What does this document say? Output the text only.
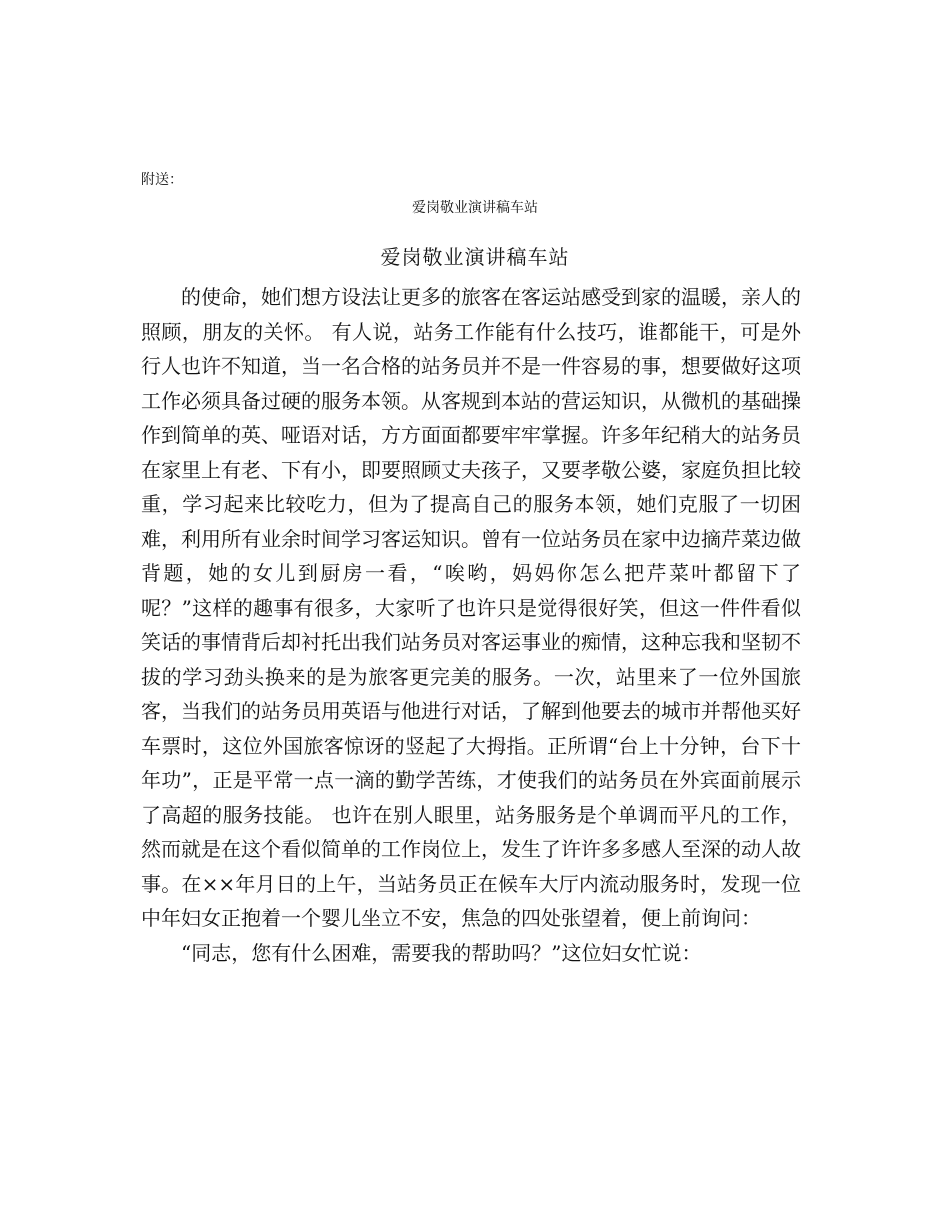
附送：
爱岗敬业演讲稿车站
爱岗敬业演讲稿车站

的使命，她们想方设法让更多的旅客在客运站感受到家的温暖，亲人的照顾，朋友的关怀。 有人说，站务工作能有什么技巧，谁都能干，可是外行人也许不知道，当一名合格的站务员并不是一件容易的事，想要做好这项工作必须具备过硬的服务本领。从客规到本站的营运知识，从微机的基础操作到简单的英、哑语对话，方方面面都要牢牢掌握。许多年纪稍大的站务员在家里上有老、下有小，即要照顾丈夫孩子，又要孝敬公婆，家庭负担比较重，学习起来比较吃力，但为了提高自己的服务本领，她们克服了一切困难，利用所有业余时间学习客运知识。曾有一位站务员在家中边摘芹菜边做背题，她的女儿到厨房一看，“唉哟，妈妈你怎么把芹菜叶都留下了呢？”这样的趣事有很多，大家听了也许只是觉得很好笑，但这一件件看似笑话的事情背后却衬托出我们站务员对客运事业的痴情，这种忘我和坚韧不拔的学习劲头换来的是为旅客更完美的服务。一次，站里来了一位外国旅客，当我们的站务员用英语与他进行对话，了解到他要去的城市并帮他买好车票时，这位外国旅客惊讶的竖起了大拇指。正所谓“台上十分钟，台下十年功”，正是平常一点一滴的勤学苦练，才使我们的站务员在外宾面前展示了高超的服务技能。 也许在别人眼里，站务服务是个单调而平凡的工作，然而就是在这个看似简单的工作岗位上，发生了许许多多感人至深的动人故事。在××年月日的上午，当站务员正在候车大厅内流动服务时，发现一位中年妇女正抱着一个婴儿坐立不安，焦急的四处张望着，便上前询问：

“同志，您有什么困难，需要我的帮助吗？”这位妇女忙说：
